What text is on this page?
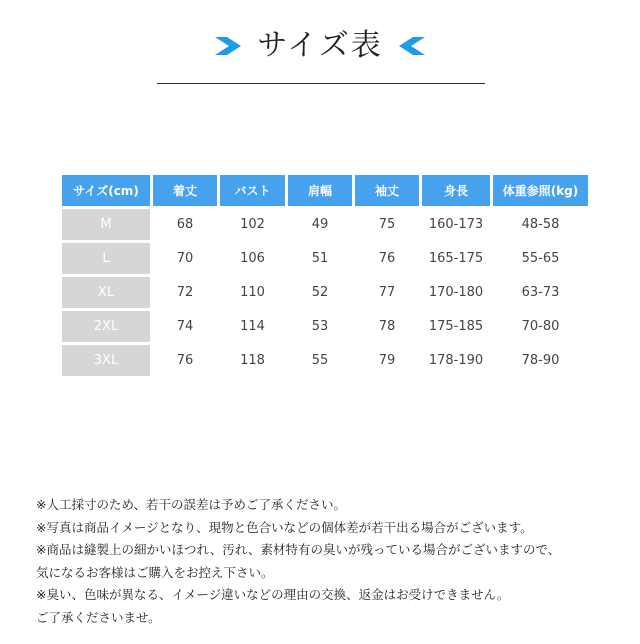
サイズ表
サイズ(cm)	着丈	バスト	肩幅	袖丈	身長	体重参照(kg)
M	68	102	49	75	160-173	48-58
L	70	106	51	76	165-175	55-65
XL	72	110	52	77	170-180	63-73
2XL	74	114	53	78	175-185	70-80
3XL	76	118	55	79	178-190	78-90
※人工採寸のため、若干の誤差は予めご了承ください。
※写真は商品イメージとなり、現物と色合いなどの個体差が若干出る場合がございます。
※商品は縫製上の細かいほつれ、汚れ、素材特有の臭いが残っている場合がございますので、
気になるお客様はご購入をお控え下さい。
※臭い、色味が異なる、イメージ違いなどの理由の交換、返金はお受けできません。
ご了承くださいませ。
